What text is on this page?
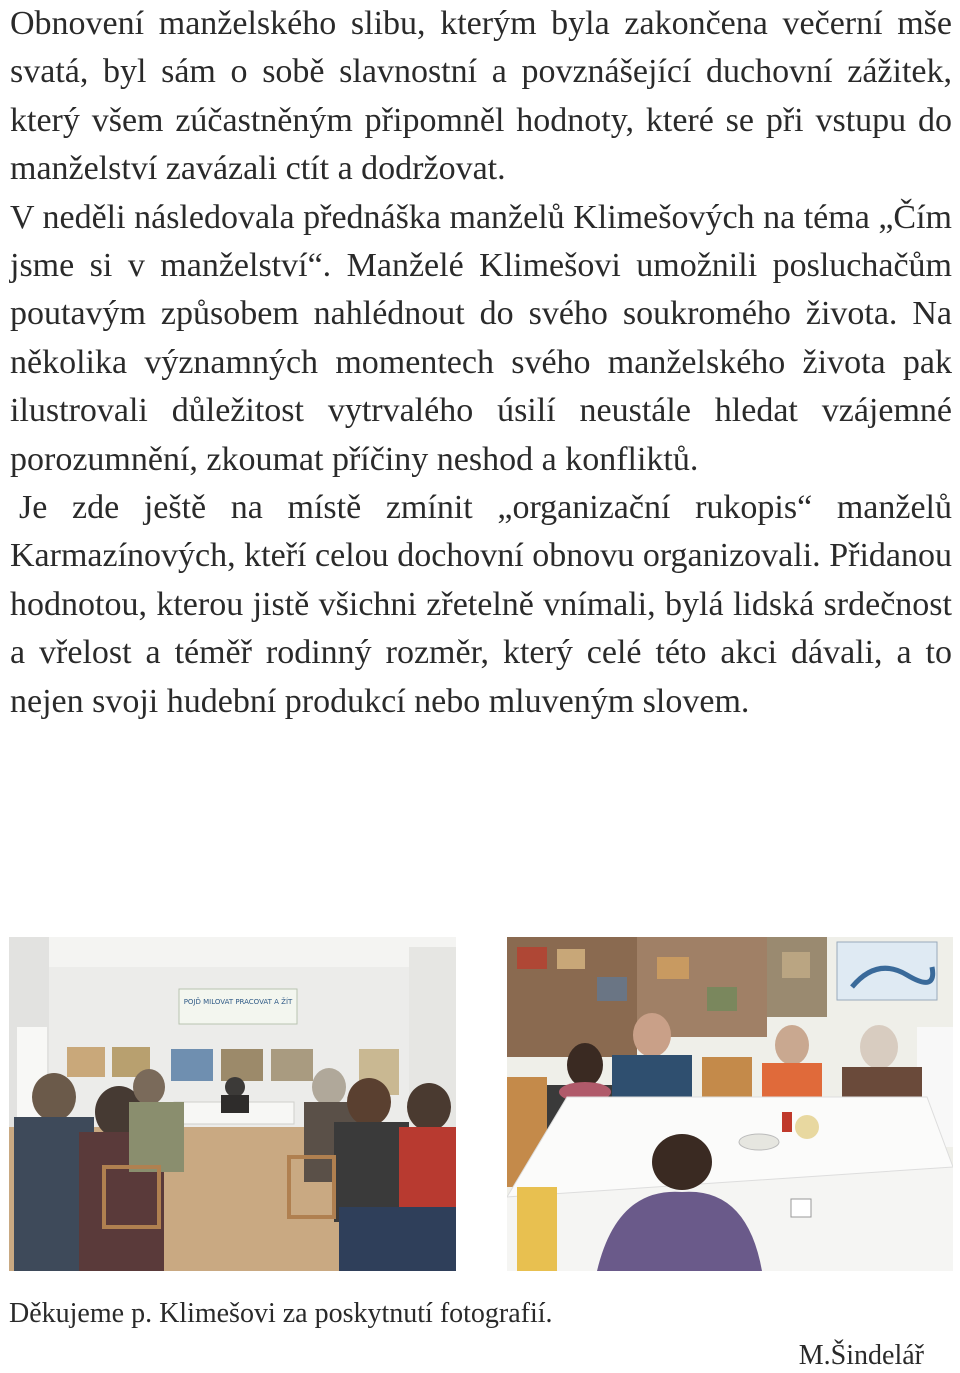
Obnovení manželského slibu, kterým byla zakončena večerní mše svatá, byl sám o sobě slavnostní a povznášející duchovní zážitek, který všem zúčastněným připomněl hodnoty, které se při vstupu do manželství zavázali ctít a dodržovat.

V neděli následovala přednáška manželů Klimešových na téma „Čím jsme si v manželství“. Manželé Klimešovi umožnili posluchačům poutavým způsobem nahlédnout do svého soukromého života. Na několika významných momentech svého manželského života pak ilustrovali důležitost vytrvalého úsilí neustále hledat vzájemné porozumnění, zkoumat příčiny neshod a konfliktů.

Je zde ještě na místě zmínit „organizační rukopis“ manželů Karmazínových, kteří celou dochovní obnovu organizovali. Přidanou hodnotou, kterou jistě všichni zřetelně vnímali, bylá lidská srdečnost a vřelost a téměř rodinný rozměr, který celé této akci dávali, a to nejen svoji hudební produkcí nebo mluveným slovem.

POJĎ MILOVAT PRACOVAT A ŽÍT

Děkujeme p. Klimešovi za poskytnutí fotografií.

M.Šindelář
